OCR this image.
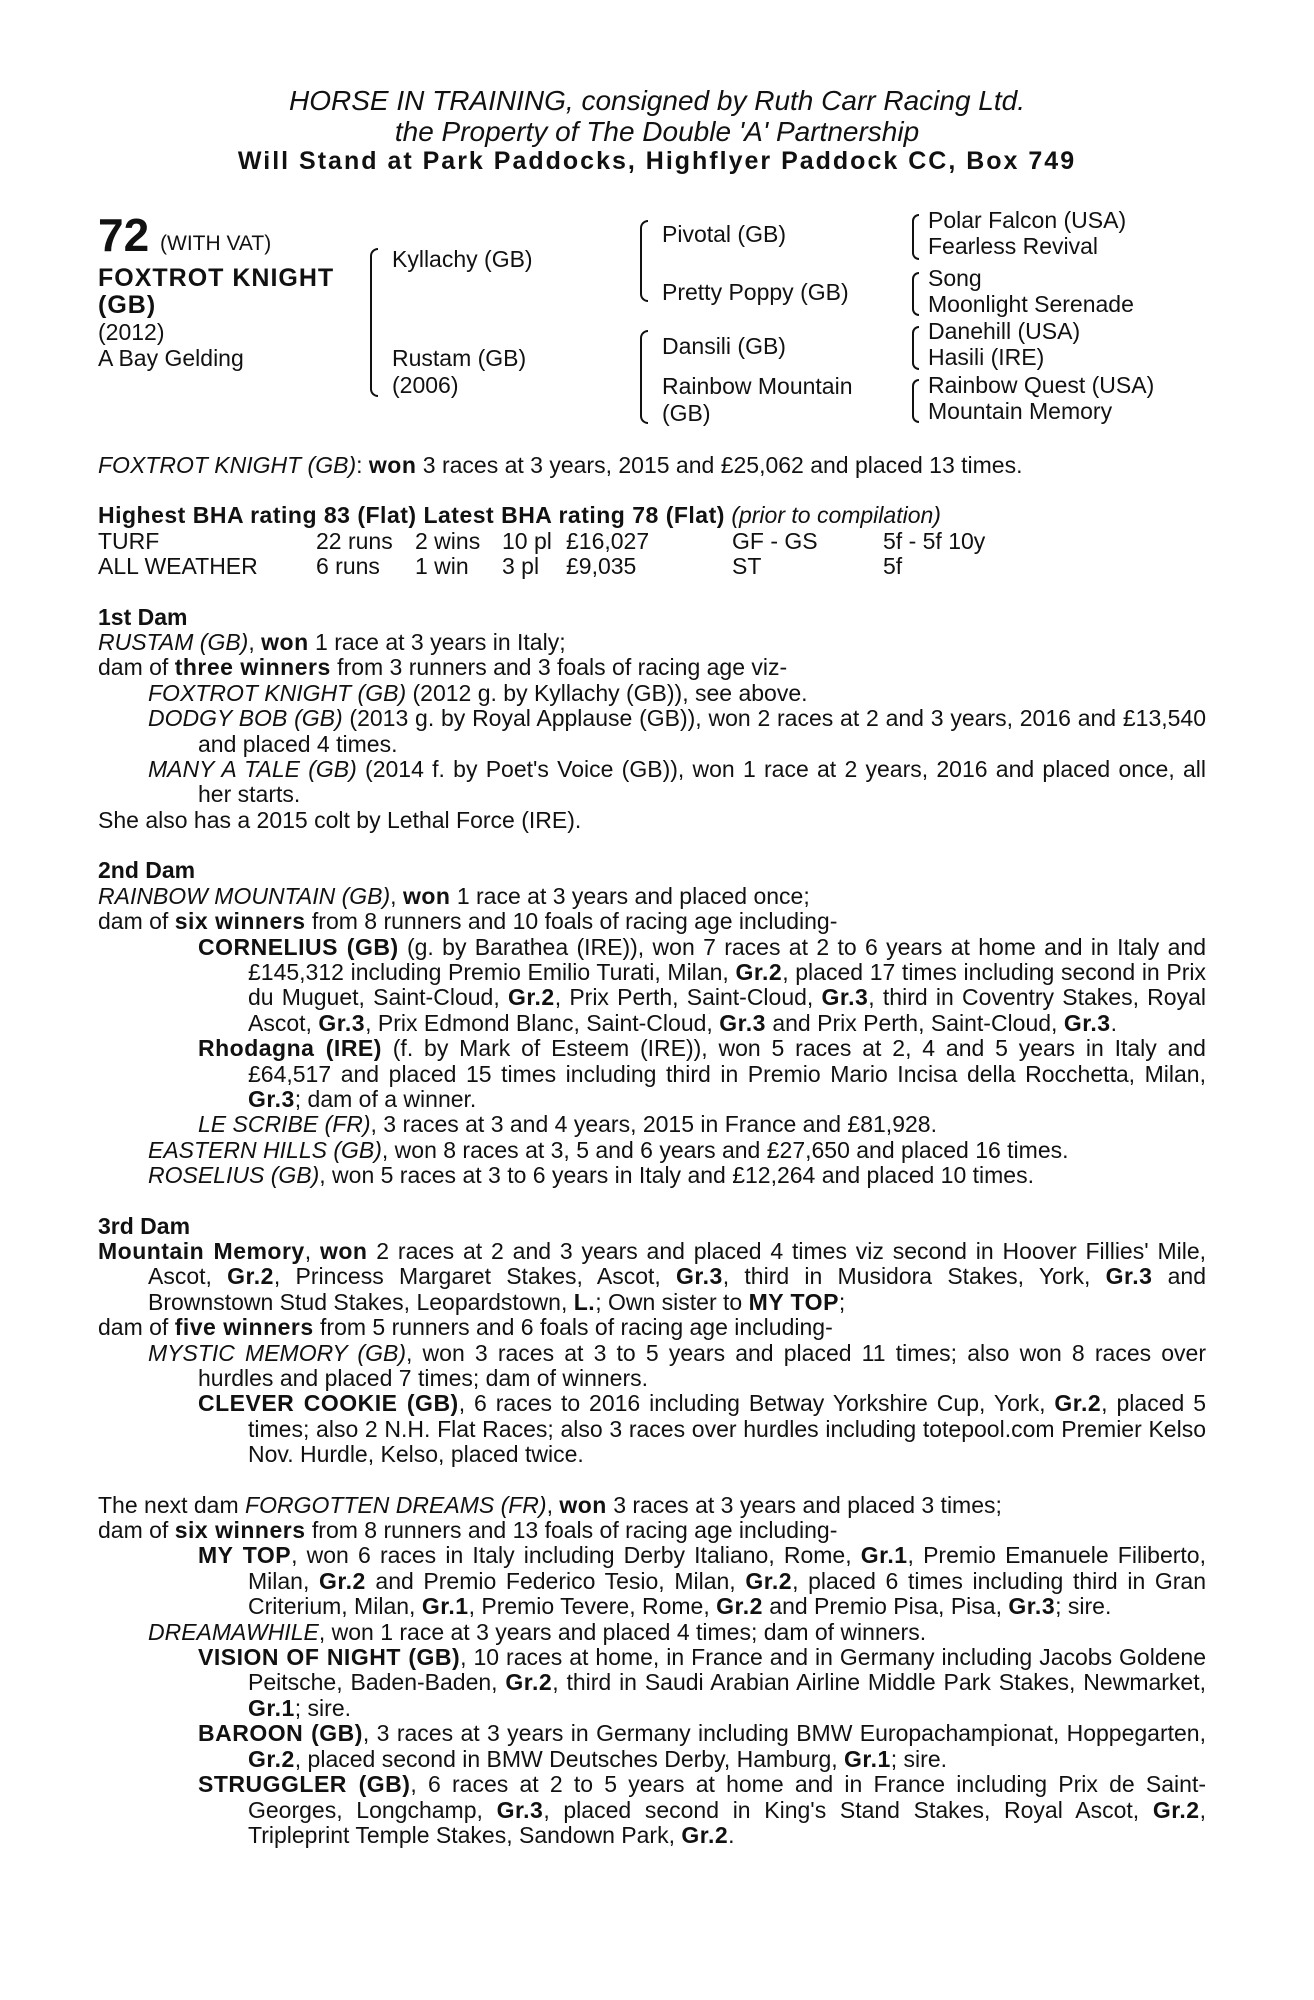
HORSE IN TRAINING, consigned by Ruth Carr Racing Ltd.
the Property of The Double 'A' Partnership
Will Stand at Park Paddocks, Highflyer Paddock CC, Box 749
72 (WITH VAT)
FOXTROT KNIGHT
(GB)
(2012)
A Bay Gelding
Kyllachy (GB)
Rustam (GB)
(2006)
Pivotal (GB)
Pretty Poppy (GB)
Dansili (GB)
Rainbow Mountain
(GB)
Polar Falcon (USA)
Fearless Revival
Song
Moonlight Serenade
Danehill (USA)
Hasili (IRE)
Rainbow Quest (USA)
Mountain Memory

FOXTROT KNIGHT (GB): won 3 races at 3 years, 2015 and £25,062 and placed 13 times.

Highest BHA rating 83 (Flat) Latest BHA rating 78 (Flat) (prior to compilation)

TURF	22 runs	2 wins	10 pl	£16,027	GF - GS	5f - 5f 10y
ALL WEATHER	6 runs	1 win	3 pl	£9,035	ST	5f

1st Dam

RUSTAM (GB), won 1 race at 3 years in Italy;

dam of three winners from 3 runners and 3 foals of racing age viz-

FOXTROT KNIGHT (GB) (2012 g. by Kyllachy (GB)), see above.

DODGY BOB (GB) (2013 g. by Royal Applause (GB)), won 2 races at 2 and 3 years, 2016 and £13,540 and placed 4 times.

MANY A TALE (GB) (2014 f. by Poet's Voice (GB)), won 1 race at 2 years, 2016 and placed once, all her starts.

She also has a 2015 colt by Lethal Force (IRE).

2nd Dam

RAINBOW MOUNTAIN (GB), won 1 race at 3 years and placed once;

dam of six winners from 8 runners and 10 foals of racing age including-

CORNELIUS (GB) (g. by Barathea (IRE)), won 7 races at 2 to 6 years at home and in Italy and £145,312 including Premio Emilio Turati, Milan, Gr.2, placed 17 times including second in Prix du Muguet, Saint-Cloud, Gr.2, Prix Perth, Saint-Cloud, Gr.3, third in Coventry Stakes, Royal Ascot, Gr.3, Prix Edmond Blanc, Saint-Cloud, Gr.3 and Prix Perth, Saint-Cloud, Gr.3.

Rhodagna (IRE) (f. by Mark of Esteem (IRE)), won 5 races at 2, 4 and 5 years in Italy and £64,517 and placed 15 times including third in Premio Mario Incisa della Rocchetta, Milan, Gr.3; dam of a winner.

LE SCRIBE (FR), 3 races at 3 and 4 years, 2015 in France and £81,928.

EASTERN HILLS (GB), won 8 races at 3, 5 and 6 years and £27,650 and placed 16 times.

ROSELIUS (GB), won 5 races at 3 to 6 years in Italy and £12,264 and placed 10 times.

3rd Dam

Mountain Memory, won 2 races at 2 and 3 years and placed 4 times viz second in Hoover Fillies' Mile, Ascot, Gr.2, Princess Margaret Stakes, Ascot, Gr.3, third in Musidora Stakes, York, Gr.3 and Brownstown Stud Stakes, Leopardstown, L.; Own sister to MY TOP;

dam of five winners from 5 runners and 6 foals of racing age including-

MYSTIC MEMORY (GB), won 3 races at 3 to 5 years and placed 11 times; also won 8 races over hurdles and placed 7 times; dam of winners.

CLEVER COOKIE (GB), 6 races to 2016 including Betway Yorkshire Cup, York, Gr.2, placed 5 times; also 2 N.H. Flat Races; also 3 races over hurdles including totepool.com Premier Kelso Nov. Hurdle, Kelso, placed twice.

The next dam FORGOTTEN DREAMS (FR), won 3 races at 3 years and placed 3 times;

dam of six winners from 8 runners and 13 foals of racing age including-

MY TOP, won 6 races in Italy including Derby Italiano, Rome, Gr.1, Premio Emanuele Filiberto, Milan, Gr.2 and Premio Federico Tesio, Milan, Gr.2, placed 6 times including third in Gran Criterium, Milan, Gr.1, Premio Tevere, Rome, Gr.2 and Premio Pisa, Pisa, Gr.3; sire.

DREAMAWHILE, won 1 race at 3 years and placed 4 times; dam of winners.

VISION OF NIGHT (GB), 10 races at home, in France and in Germany including Jacobs Goldene Peitsche, Baden-Baden, Gr.2, third in Saudi Arabian Airline Middle Park Stakes, Newmarket, Gr.1; sire.

BAROON (GB), 3 races at 3 years in Germany including BMW Europachampionat, Hoppegarten, Gr.2, placed second in BMW Deutsches Derby, Hamburg, Gr.1; sire.

STRUGGLER (GB), 6 races at 2 to 5 years at home and in France including Prix de Saint-Georges, Longchamp, Gr.3, placed second in King's Stand Stakes, Royal Ascot, Gr.2, Tripleprint Temple Stakes, Sandown Park, Gr.2.
